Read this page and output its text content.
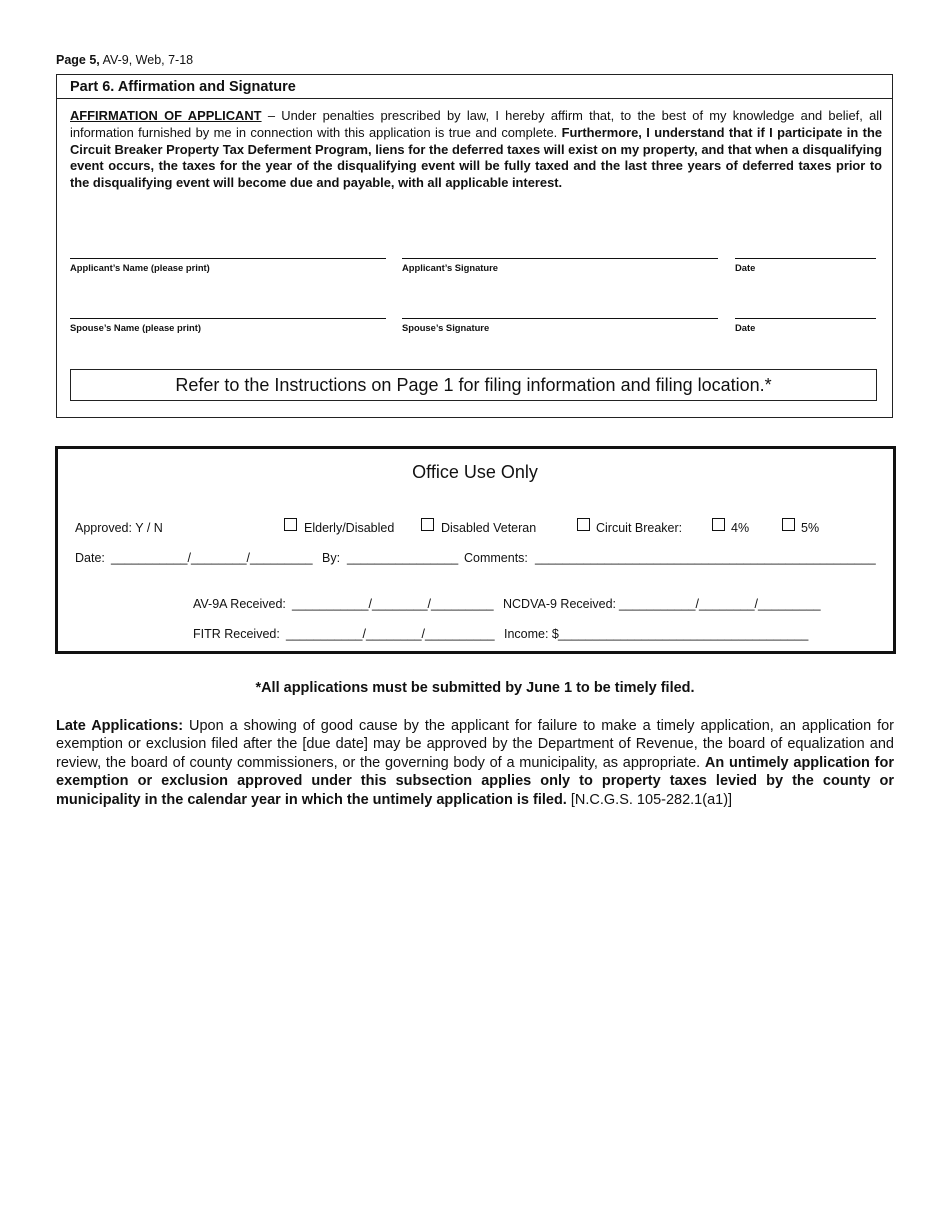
Page 5, AV-9, Web, 7-18
Part 6. Affirmation and Signature
AFFIRMATION OF APPLICANT – Under penalties prescribed by law, I hereby affirm that, to the best of my knowledge and belief, all information furnished by me in connection with this application is true and complete. Furthermore, I understand that if I participate in the Circuit Breaker Property Tax Deferment Program, liens for the deferred taxes will exist on my property, and that when a disqualifying event occurs, the taxes for the year of the disqualifying event will be fully taxed and the last three years of deferred taxes prior to the disqualifying event will become due and payable, with all applicable interest.
Applicant’s Name (please print)	Applicant’s Signature	Date
Spouse’s Name (please print)	Spouse’s Signature	Date
Refer to the Instructions on Page 1 for filing information and filing location.*
Office Use Only
Approved: Y / N	Elderly/Disabled	Disabled Veteran	Circuit Breaker:	4%	5%
Date: ___________/________/_________ By: ________________ Comments: _________________________________________________
AV-9A Received: ___________/________/_________ NCDVA-9 Received: ___________/________/_________
FITR Received: ___________/________/__________ Income: $ ____________________________________
*All applications must be submitted by June 1 to be timely filed.
Late Applications: Upon a showing of good cause by the applicant for failure to make a timely application, an application for exemption or exclusion filed after the [due date] may be approved by the Department of Revenue, the board of equalization and review, the board of county commissioners, or the governing body of a municipality, as appropriate. An untimely application for exemption or exclusion approved under this subsection applies only to property taxes levied by the county or municipality in the calendar year in which the untimely application is filed. [N.C.G.S. 105-282.1(a1)]
